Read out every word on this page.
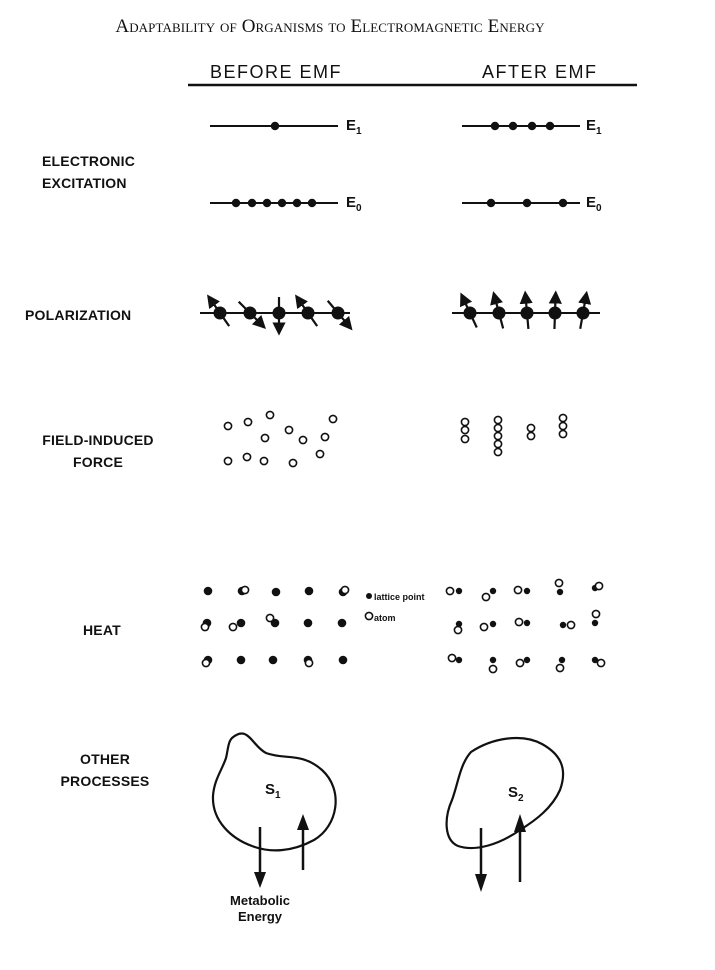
Adaptability of Organisms to Electromagnetic Energy
BEFORE EMF	AFTER EMF
ELECTRONIC
EXCITATION
POLARIZATION
FIELD-INDUCED
FORCE
HEAT
OTHER
PROCESSES
$E_1$
$E_0$
$E_1$
$E_0$
lattice point
atom
$S_1$	$S_2$
Metabolic
Energy
